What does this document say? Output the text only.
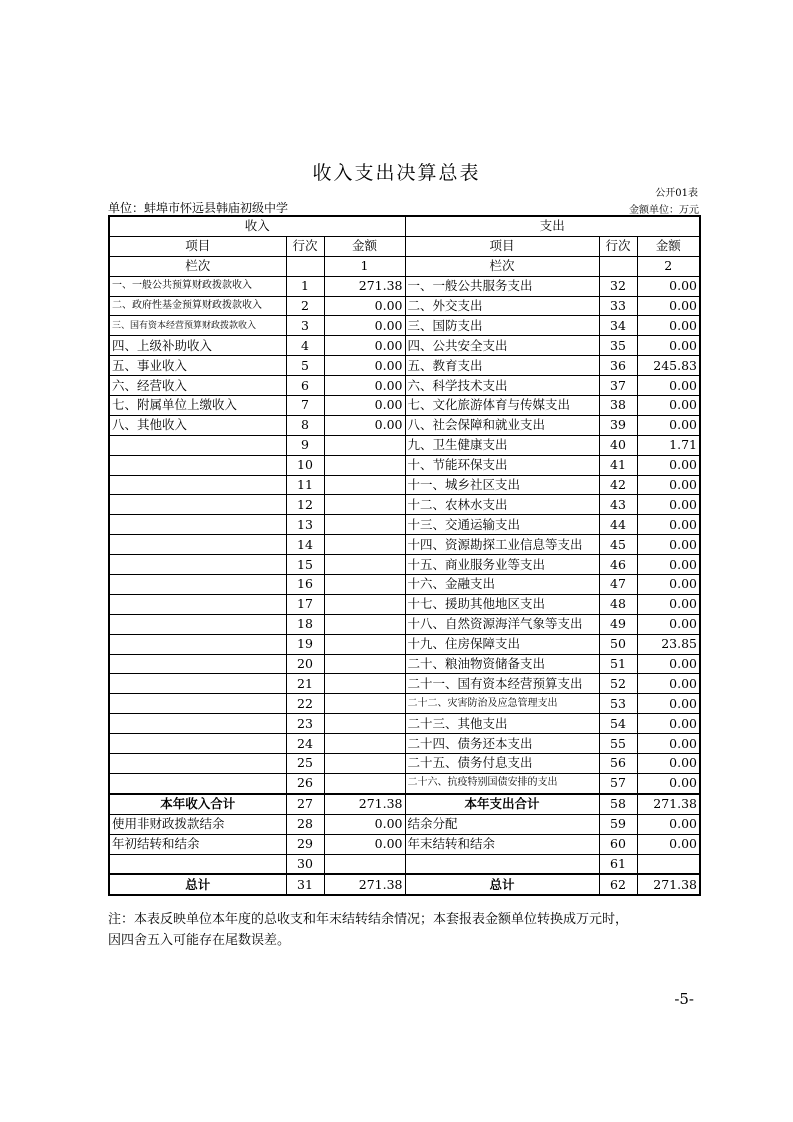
收入支出决算总表
公开01表
单位：蚌埠市怀远县韩庙初级中学	金额单位：万元
收入			支出		
项目	行次	金额	项目	行次	金额
栏次		1	栏次		2
一、一般公共预算财政拨款收入	1	271.38	一、一般公共服务支出	32	0.00
二、政府性基金预算财政拨款收入	2	0.00	二、外交支出	33	0.00
三、国有资本经营预算财政拨款收入	3	0.00	三、国防支出	34	0.00
四、上级补助收入	4	0.00	四、公共安全支出	35	0.00
五、事业收入	5	0.00	五、教育支出	36	245.83
六、经营收入	6	0.00	六、科学技术支出	37	0.00
七、附属单位上缴收入	7	0.00	七、文化旅游体育与传媒支出	38	0.00
八、其他收入	8	0.00	八、社会保障和就业支出	39	0.00
	9		九、卫生健康支出	40	1.71
	10		十、节能环保支出	41	0.00
	11		十一、城乡社区支出	42	0.00
	12		十二、农林水支出	43	0.00
	13		十三、交通运输支出	44	0.00
	14		十四、资源勘探工业信息等支出	45	0.00
	15		十五、商业服务业等支出	46	0.00
	16		十六、金融支出	47	0.00
	17		十七、援助其他地区支出	48	0.00
	18		十八、自然资源海洋气象等支出	49	0.00
	19		十九、住房保障支出	50	23.85
	20		二十、粮油物资储备支出	51	0.00
	21		二十一、国有资本经营预算支出	52	0.00
	22		二十二、灾害防治及应急管理支出	53	0.00
	23		二十三、其他支出	54	0.00
	24		二十四、债务还本支出	55	0.00
	25		二十五、债务付息支出	56	0.00
	26		二十六、抗疫特别国债安排的支出	57	0.00
本年收入合计	27	271.38	本年支出合计	58	271.38
使用非财政拨款结余	28	0.00	结余分配	59	0.00
年初结转和结余	29	0.00	年末结转和结余	60	0.00
	30			61	
总计	31	271.38	总计	62	271.38
注：本表反映单位本年度的总收支和年末结转结余情况；本套报表金额单位转换成万元时，
因四舍五入可能存在尾数误差。
-5-
